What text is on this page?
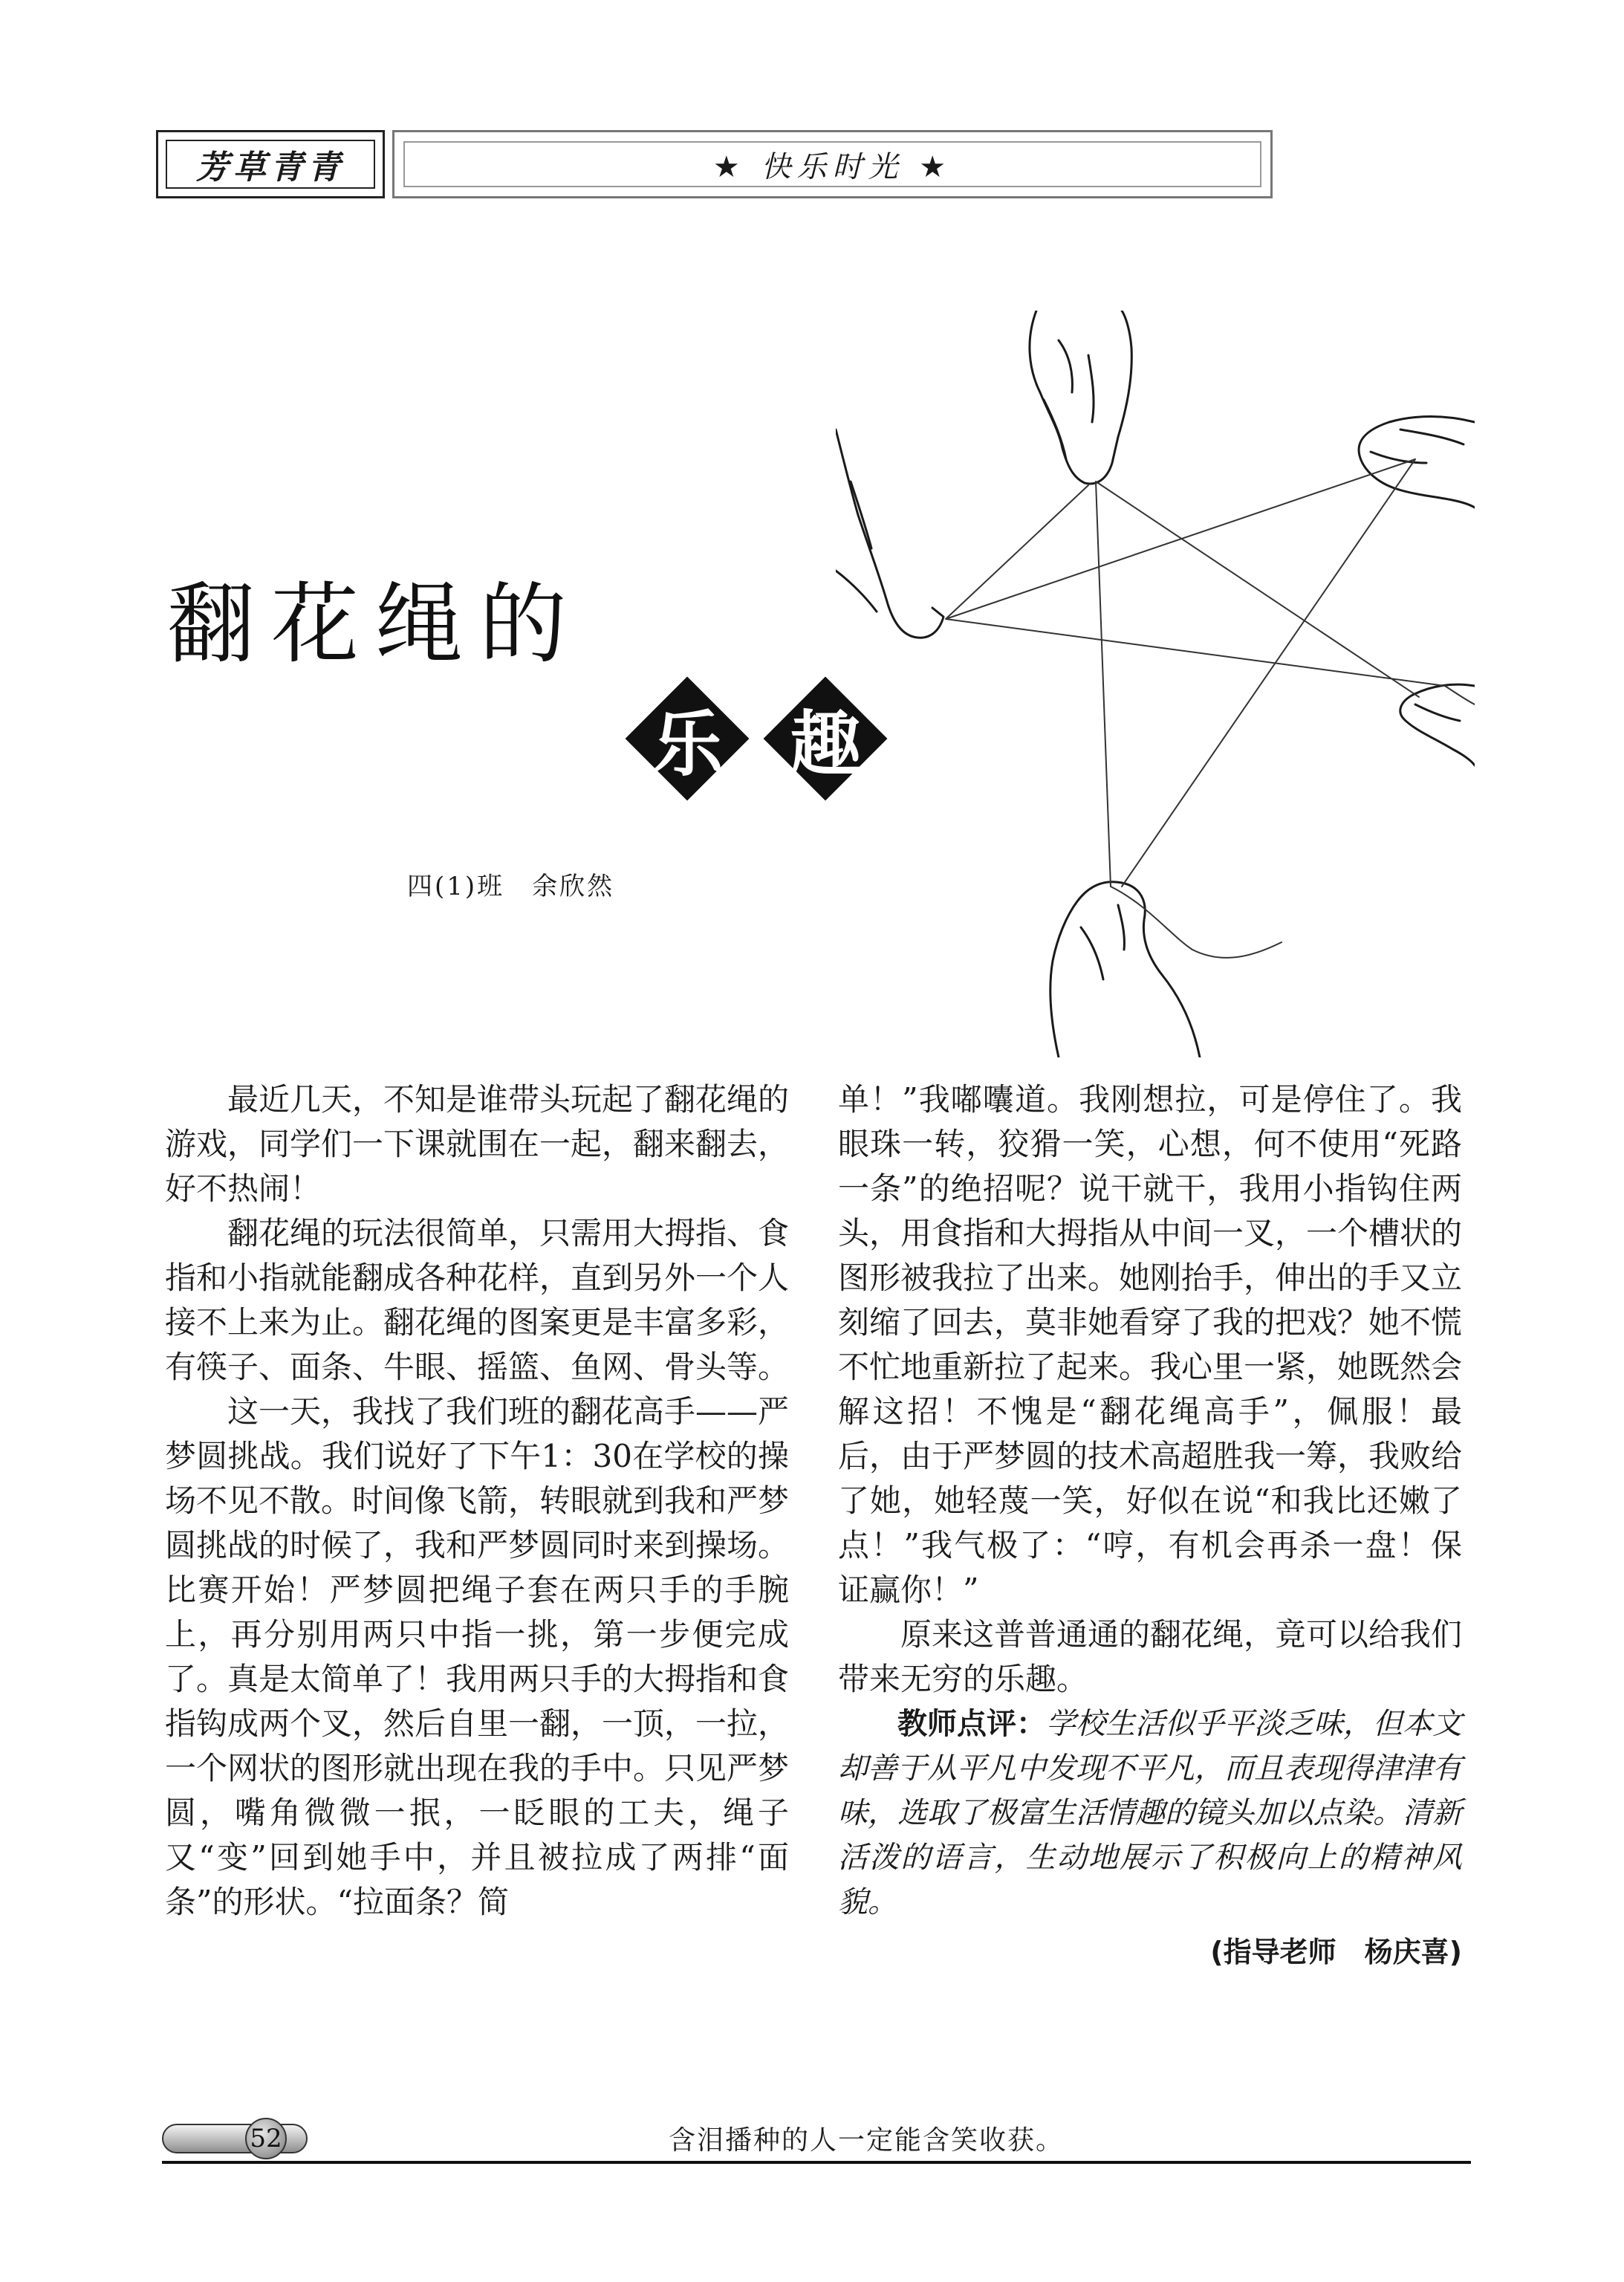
芳草青青	★ 快乐时光 ★
翻花绳的
乐 趣
四(1)班　余欣然

最近几天，不知是谁带头玩起了翻花绳的游戏，同学们一下课就围在一起，翻来翻去，好不热闹！

翻花绳的玩法很简单，只需用大拇指、食指和小指就能翻成各种花样，直到另外一个人接不上来为止。翻花绳的图案更是丰富多彩，有筷子、面条、牛眼、摇篮、鱼网、骨头等。

这一天，我找了我们班的翻花高手——严梦圆挑战。我们说好了下午1：30在学校的操场不见不散。时间像飞箭，转眼就到我和严梦圆挑战的时候了，我和严梦圆同时来到操场。比赛开始！严梦圆把绳子套在两只手的手腕上，再分别用两只中指一挑，第一步便完成了。真是太简单了！我用两只手的大拇指和食指钩成两个叉，然后自里一翻，一顶，一拉，一个网状的图形就出现在我的手中。只见严梦圆，嘴角微微一抿，一眨眼的工夫，绳子又“变”回到她手中，并且被拉成了两排“面条”的形状。“拉面条？简

单！”我嘟囔道。我刚想拉，可是停住了。我眼珠一转，狡猾一笑，心想，何不使用“死路一条”的绝招呢？说干就干，我用小指钩住两头，用食指和大拇指从中间一叉，一个槽状的图形被我拉了出来。她刚抬手，伸出的手又立刻缩了回去，莫非她看穿了我的把戏？她不慌不忙地重新拉了起来。我心里一紧，她既然会解这招！不愧是“翻花绳高手”，佩服！最后，由于严梦圆的技术高超胜我一筹，我败给了她，她轻蔑一笑，好似在说“和我比还嫩了点！”我气极了：“哼，有机会再杀一盘！保证赢你！”

原来这普普通通的翻花绳，竟可以给我们带来无穷的乐趣。

教师点评：学校生活似乎平淡乏味，但本文却善于从平凡中发现不平凡，而且表现得津津有味，选取了极富生活情趣的镜头加以点染。清新活泼的语言，生动地展示了积极向上的精神风貌。

(指导老师　杨庆喜)

52	含泪播种的人一定能含笑收获。
